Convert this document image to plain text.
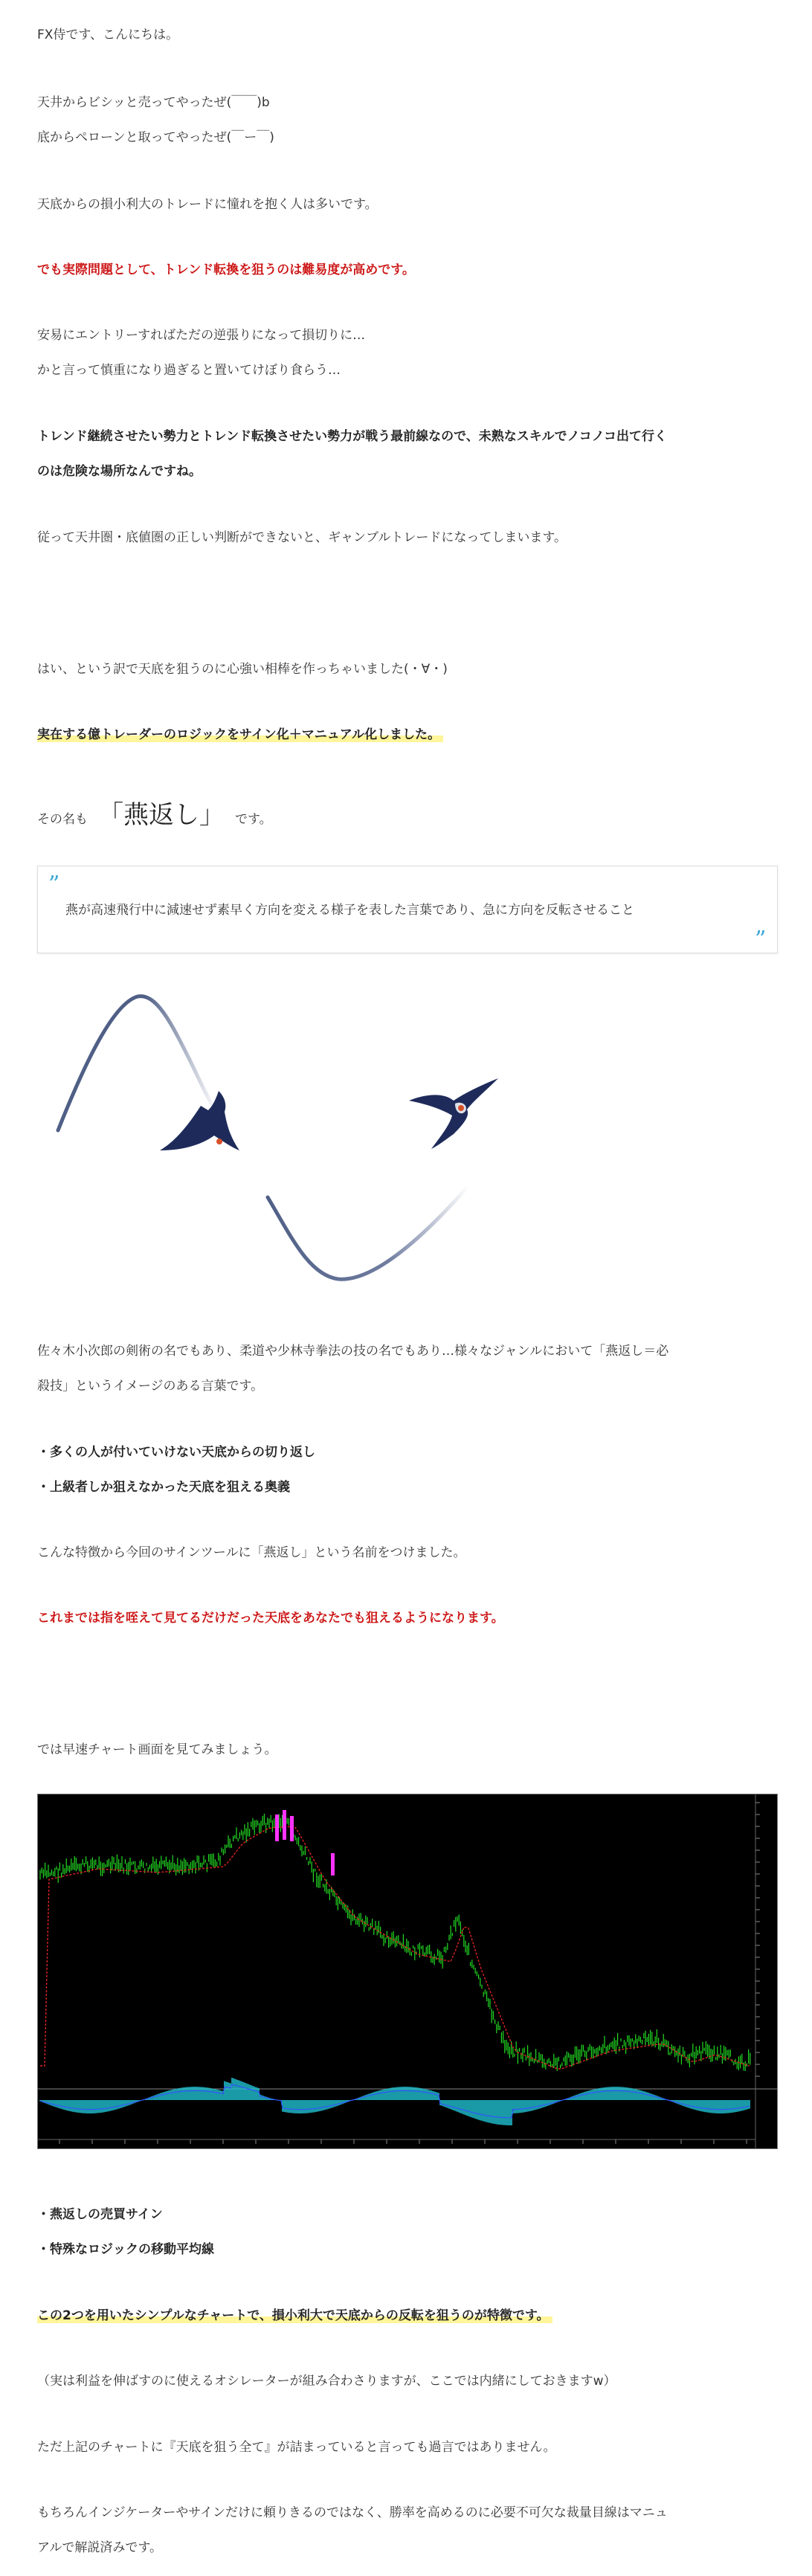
FX侍です、こんにちは。

天井からビシッと売ってやったぜ(￣￣)b

底からペローンと取ってやったぜ(￣ー￣)

天底からの損小利大のトレードに憧れを抱く人は多いです。

でも実際問題として、トレンド転換を狙うのは難易度が高めです。

安易にエントリーすればただの逆張りになって損切りに…

かと言って慎重になり過ぎると置いてけぼり食らう…

トレンド継続させたい勢力とトレンド転換させたい勢力が戦う最前線なので、未熟なスキルでノコノコ出て行く

のは危険な場所なんですね。

従って天井圏・底値圏の正しい判断ができないと、ギャンブルトレードになってしまいます。

はい、という訳で天底を狙うのに心強い相棒を作っちゃいました(・∀・)

実在する億トレーダーのロジックをサイン化＋マニュアル化しました。

その名も 「燕返し」 です。

”
燕が高速飛行中に減速せず素早く方向を変える様子を表した言葉であり、急に方向を反転させること
”

佐々木小次郎の剣術の名でもあり、柔道や少林寺拳法の技の名でもあり…様々なジャンルにおいて「燕返し＝必

殺技」というイメージのある言葉です。

・多くの人が付いていけない天底からの切り返し

・上級者しか狙えなかった天底を狙える奥義

こんな特徴から今回のサインツールに「燕返し」という名前をつけました。

これまでは指を咥えて見てるだけだった天底をあなたでも狙えるようになります。

では早速チャート画面を見てみましょう。

・燕返しの売買サイン

・特殊なロジックの移動平均線

この2つを用いたシンプルなチャートで、損小利大で天底からの反転を狙うのが特徴です。

（実は利益を伸ばすのに使えるオシレーターが組み合わさりますが、ここでは内緒にしておきますw）

ただ上記のチャートに『天底を狙う全て』が詰まっていると言っても過言ではありません。

もちろんインジケーターやサインだけに頼りきるのではなく、勝率を高めるのに必要不可欠な裁量目線はマニュ

アルで解説済みです。
